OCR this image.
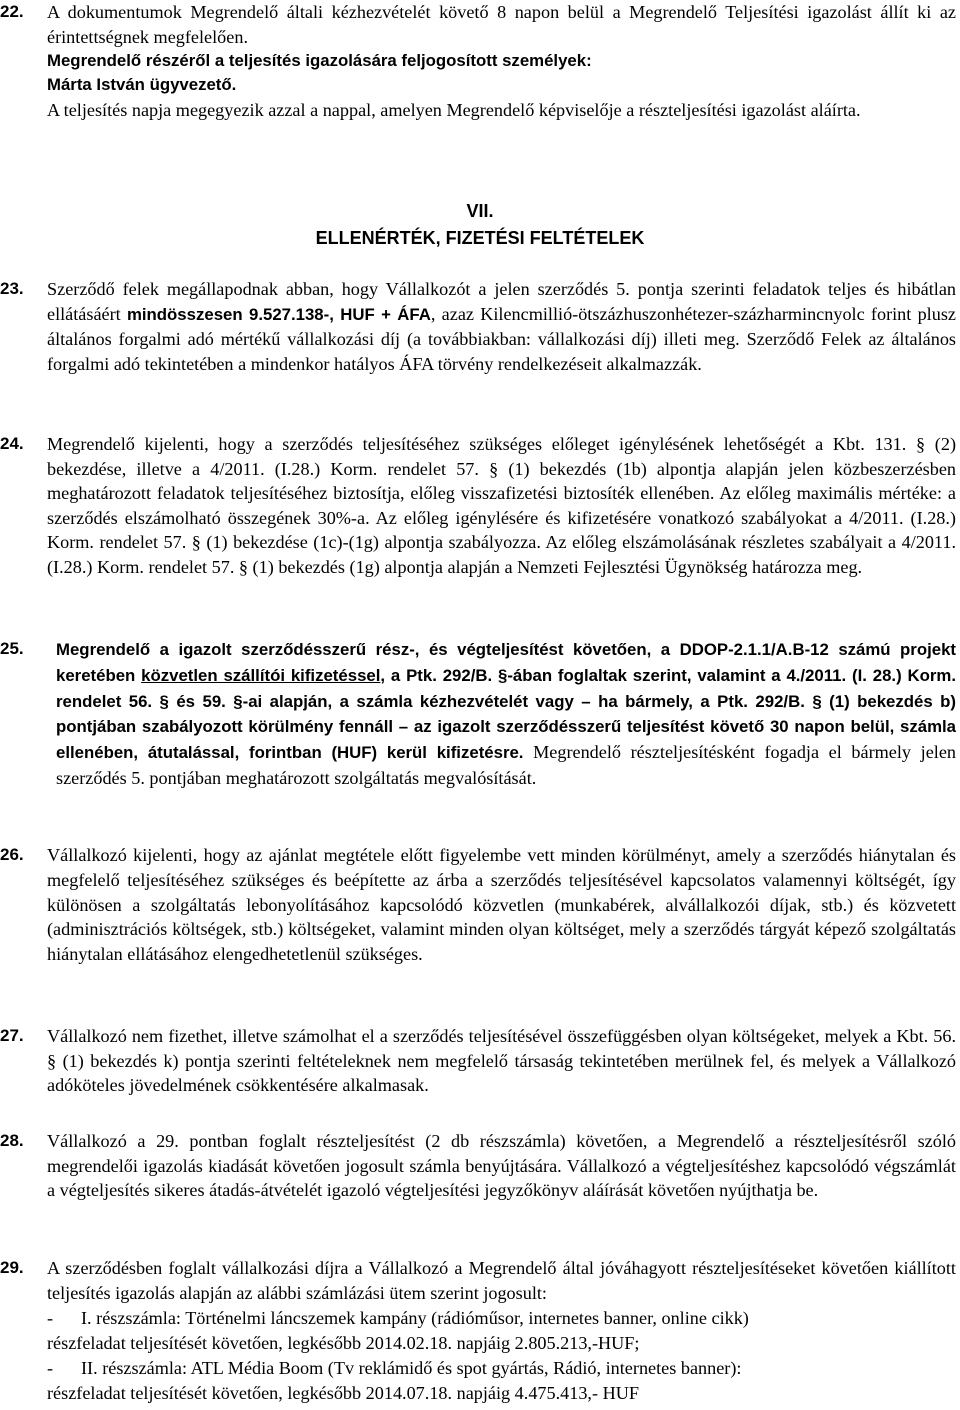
22. A dokumentumok Megrendelő általi kézhezvételét követő 8 napon belül a Megrendelő Teljesítési igazolást állít ki az érintettségnek megfelelően.
Megrendelő részéről a teljesítés igazolására feljogosított személyek:
Márta István ügyvezető.
A teljesítés napja megegyezik azzal a nappal, amelyen Megrendelő képviselője a részteljesítési igazolást aláírta.
VII.
ELLENÉRTÉK, FIZETÉSI FELTÉTELEK
23. Szerződő felek megállapodnak abban, hogy Vállalkozót a jelen szerződés 5. pontja szerinti feladatok teljes és hibátlan ellátásáért mindösszesen 9.527.138-, HUF + ÁFA, azaz Kilencmillió-ötszázhuszonhétezer-százharmincnyolc forint plusz általános forgalmi adó mértékű vállalkozási díj (a továbbiakban: vállalkozási díj) illeti meg. Szerződő Felek az általános forgalmi adó tekintetében a mindenkor hatályos ÁFA törvény rendelkezéseit alkalmazzák.
24. Megrendelő kijelenti, hogy a szerződés teljesítéséhez szükséges előleget igénylésének lehetőségét a Kbt. 131. § (2) bekezdése, illetve a 4/2011. (I.28.) Korm. rendelet 57. § (1) bekezdés (1b) alpontja alapján jelen közbeszerzésben meghatározott feladatok teljesítéséhez biztosítja, előleg visszafizetési biztosíték ellenében. Az előleg maximális mértéke: a szerződés elszámolható összegének 30%-a. Az előleg igénylésére és kifizetésére vonatkozó szabályokat a 4/2011. (I.28.) Korm. rendelet 57. § (1) bekezdése (1c)-(1g) alpontja szabályozza. Az előleg elszámolásának részletes szabályait a 4/2011. (I.28.) Korm. rendelet 57. § (1) bekezdés (1g) alpontja alapján a Nemzeti Fejlesztési Ügynökség határozza meg.
25. Megrendelő a igazolt szerződésszerű rész-, és végteljesítést követően, a DDOP-2.1.1/A.B-12 számú projekt keretében közvetlen szállítói kifizetéssel, a Ptk. 292/B. §-ában foglaltak szerint, valamint a 4./2011. (I. 28.) Korm. rendelet 56. § és 59. §-ai alapján, a számla kézhezvételét vagy – ha bármely, a Ptk. 292/B. § (1) bekezdés b) pontjában szabályozott körülmény fennáll – az igazolt szerződésszerű teljesítést követő 30 napon belül, számla ellenében, átutalással, forintban (HUF) kerül kifizetésre. Megrendelő részteljesítésként fogadja el bármely jelen szerződés 5. pontjában meghatározott szolgáltatás megvalósítását.
26. Vállalkozó kijelenti, hogy az ajánlat megtétele előtt figyelembe vett minden körülményt, amely a szerződés hiánytalan és megfelelő teljesítéséhez szükséges és beépítette az árba a szerződés teljesítésével kapcsolatos valamennyi költségét, így különösen a szolgáltatás lebonyolításához kapcsolódó közvetlen (munkabérek, alvállalkozói díjak, stb.) és közvetett (adminisztrációs költségek, stb.) költségeket, valamint minden olyan költséget, mely a szerződés tárgyát képező szolgáltatás hiánytalan ellátásához elengedhetetlenül szükséges.
27. Vállalkozó nem fizethet, illetve számolhat el a szerződés teljesítésével összefüggésben olyan költségeket, melyek a Kbt. 56. § (1) bekezdés k) pontja szerinti feltételeknek nem megfelelő társaság tekintetében merülnek fel, és melyek a Vállalkozó adóköteles jövedelmének csökkentésére alkalmasak.
28. Vállalkozó a 29. pontban foglalt részteljesítést (2 db részszámla) követően, a Megrendelő a részteljesítésről szóló megrendelői igazolás kiadását követően jogosult számla benyújtására. Vállalkozó a végteljesítéshez kapcsolódó végszámlát a végteljesítés sikeres átadás-átvételét igazoló végteljesítési jegyzőkönyv aláírását követően nyújthatja be.
29. A szerződésben foglalt vállalkozási díjra a Vállalkozó a Megrendelő által jóváhagyott részteljesítéseket követően kiállított teljesítés igazolás alapján az alábbi számlázási ütem szerint jogosult:
- I. részszámla: Történelmi láncszemek kampány (rádióműsor, internetes banner, online cikk)
részfeladat teljesítését követően, legkésőbb 2014.02.18. napjáig 2.805.213,-HUF;
- II. részszámla: ATL Média Boom (Tv reklámidő és spot gyártás, Rádió, internetes banner):
részfeladat teljesítését követően, legkésőbb 2014.07.18. napjáig 4.475.413,- HUF
